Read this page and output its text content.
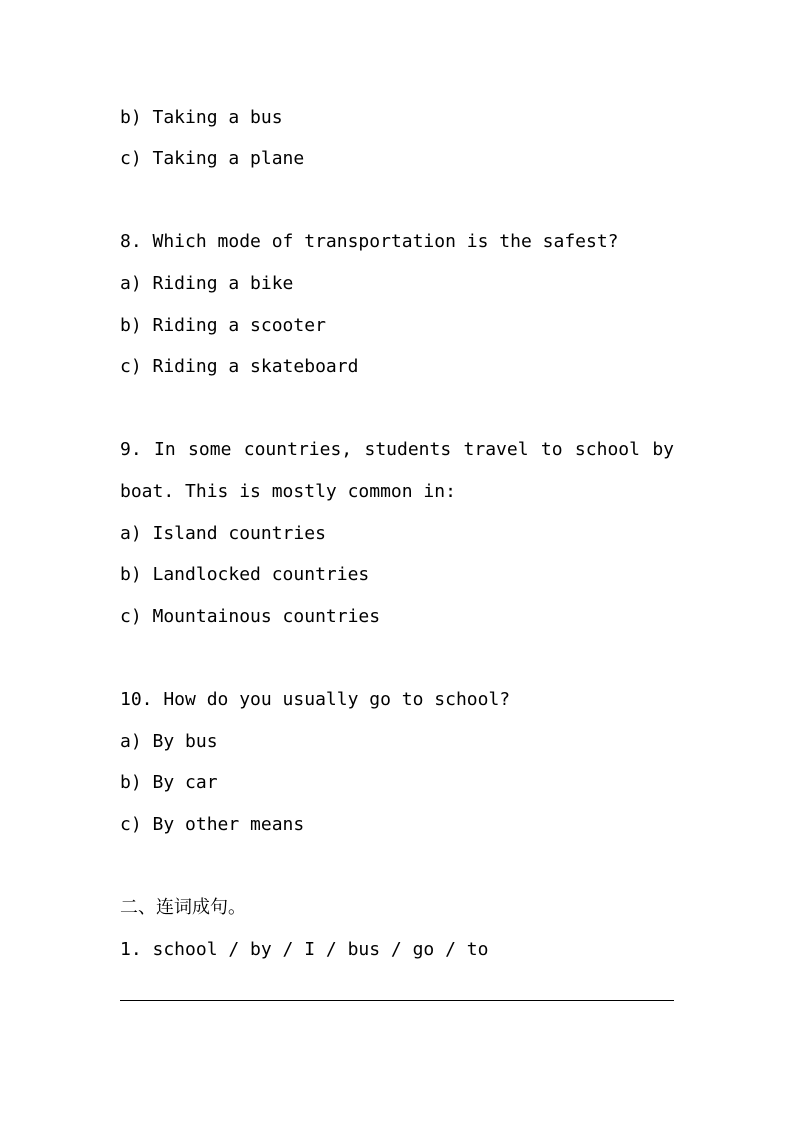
b) Taking a bus
c) Taking a plane
8. Which mode of transportation is the safest?
a) Riding a bike
b) Riding a scooter
c) Riding a skateboard
9. In some countries, students travel to school by
boat. This is mostly common in:
a) Island countries
b) Landlocked countries
c) Mountainous countries
10. How do you usually go to school?
a) By bus
b) By car
c) By other means
二、连词成句。
1. school / by / I / bus / go / to
